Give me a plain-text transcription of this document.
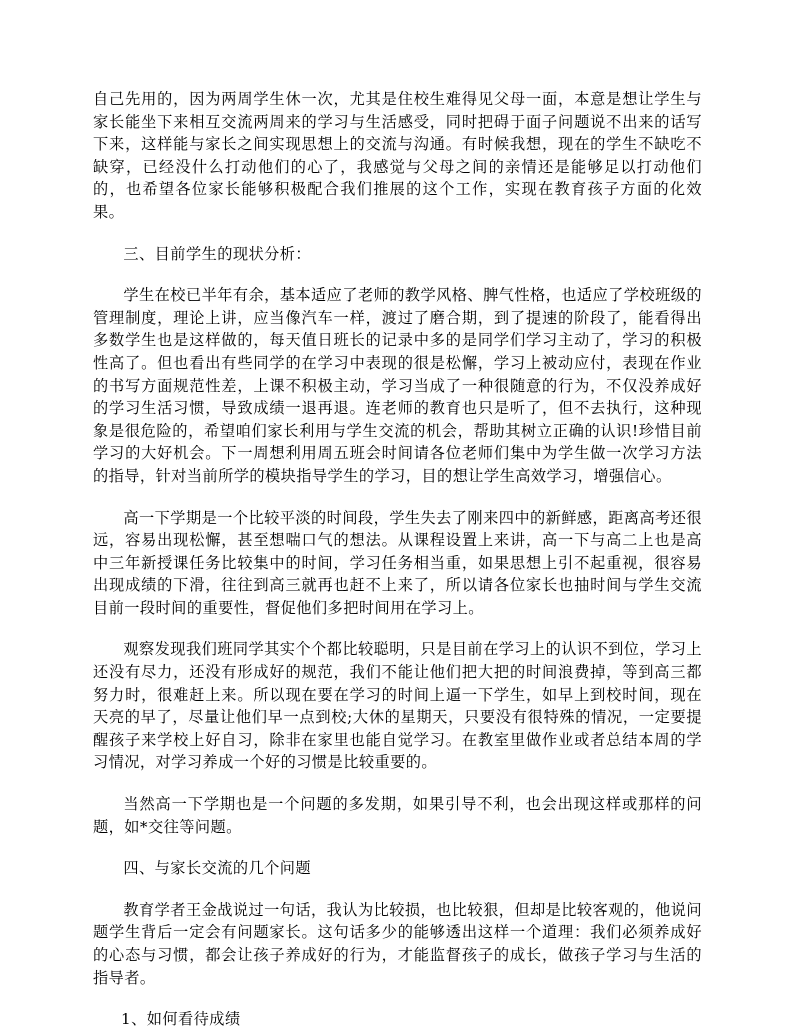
自己先用的，因为两周学生休一次，尤其是住校生难得见父母一面，本意是想让学生与家长能坐下来相互交流两周来的学习与生活感受，同时把碍于面子问题说不出来的话写下来，这样能与家长之间实现思想上的交流与沟通。有时候我想，现在的学生不缺吃不缺穿，已经没什么打动他们的心了，我感觉与父母之间的亲情还是能够足以打动他们的，也希望各位家长能够积极配合我们推展的这个工作，实现在教育孩子方面的化效果。

三、目前学生的现状分析：

学生在校已半年有余，基本适应了老师的教学风格、脾气性格，也适应了学校班级的管理制度，理论上讲，应当像汽车一样，渡过了磨合期，到了提速的阶段了，能看得出多数学生也是这样做的，每天值日班长的记录中多的是同学们学习主动了，学习的积极性高了。但也看出有些同学的在学习中表现的很是松懈，学习上被动应付，表现在作业的书写方面规范性差，上课不积极主动，学习当成了一种很随意的行为，不仅没养成好的学习生活习惯，导致成绩一退再退。连老师的教育也只是听了，但不去执行，这种现象是很危险的，希望咱们家长利用与学生交流的机会，帮助其树立正确的认识!珍惜目前学习的大好机会。下一周想利用周五班会时间请各位老师们集中为学生做一次学习方法的指导，针对当前所学的模块指导学生的学习，目的想让学生高效学习，增强信心。

高一下学期是一个比较平淡的时间段，学生失去了刚来四中的新鲜感，距离高考还很远，容易出现松懈，甚至想喘口气的想法。从课程设置上来讲，高一下与高二上也是高中三年新授课任务比较集中的时间，学习任务相当重，如果思想上引不起重视，很容易出现成绩的下滑，往往到高三就再也赶不上来了，所以请各位家长也抽时间与学生交流目前一段时间的重要性，督促他们多把时间用在学习上。

观察发现我们班同学其实个个都比较聪明，只是目前在学习上的认识不到位，学习上还没有尽力，还没有形成好的规范，我们不能让他们把大把的时间浪费掉，等到高三都努力时，很难赶上来。所以现在要在学习的时间上逼一下学生，如早上到校时间，现在天亮的早了，尽量让他们早一点到校;大休的星期天，只要没有很特殊的情况，一定要提醒孩子来学校上好自习，除非在家里也能自觉学习。在教室里做作业或者总结本周的学习情况，对学习养成一个好的习惯是比较重要的。

当然高一下学期也是一个问题的多发期，如果引导不利，也会出现这样或那样的问题，如*交往等问题。

四、与家长交流的几个问题

教育学者王金战说过一句话，我认为比较损，也比较狠，但却是比较客观的，他说问题学生背后一定会有问题家长。这句话多少的能够透出这样一个道理：我们必须养成好的心态与习惯，都会让孩子养成好的行为，才能监督孩子的成长，做孩子学习与生活的指导者。

1、如何看待成绩
